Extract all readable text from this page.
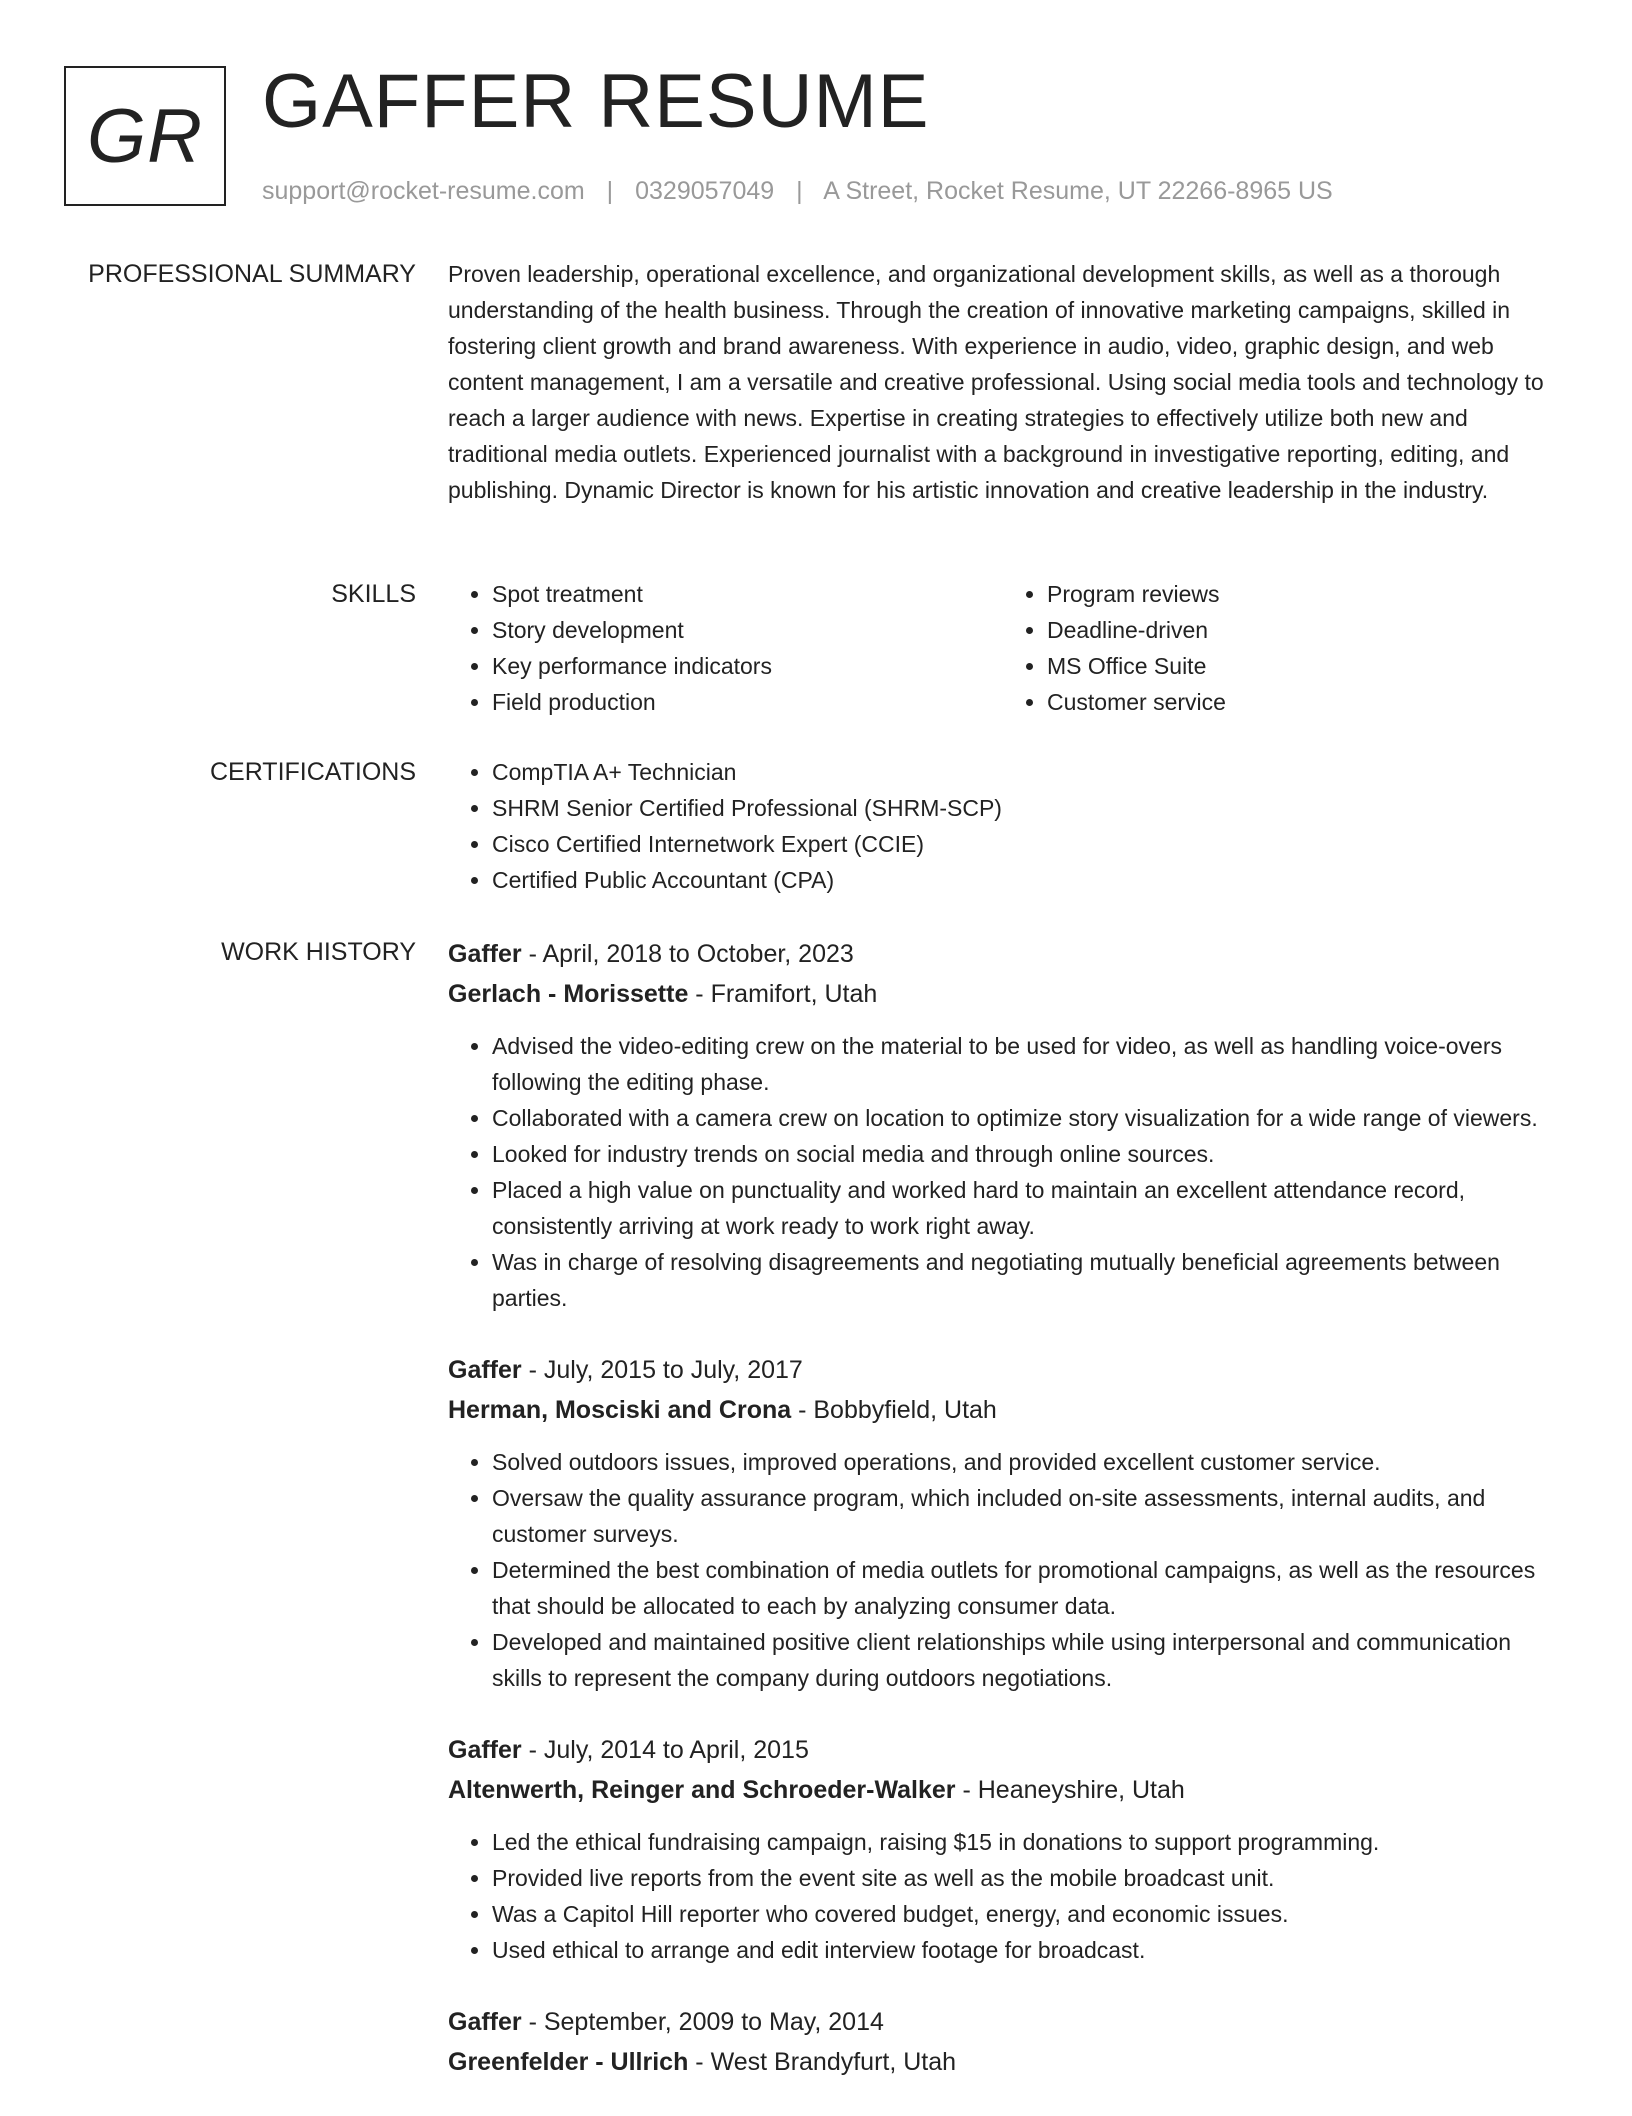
GR GAFFER RESUME
support@rocket-resume.com | 0329057049 | A Street, Rocket Resume, UT 22266-8965 US
PROFESSIONAL SUMMARY Proven leadership, operational excellence, and organizational development skills, as well as a thorough understanding of the health business. Through the creation of innovative marketing campaigns, skilled in fostering client growth and brand awareness. With experience in audio, video, graphic design, and web content management, I am a versatile and creative professional. Using social media tools and technology to reach a larger audience with news. Expertise in creating strategies to effectively utilize both new and traditional media outlets. Experienced journalist with a background in investigative reporting, editing, and publishing. Dynamic Director is known for his artistic innovation and creative leadership in the industry.

SKILLS	• Spot treatment
• Story development
• Key performance indicators
• Field production
• Program reviews
• Deadline-driven
• MS Office Suite
• Customer service
CERTIFICATIONS	• CompTIA A+ Technician
• SHRM Senior Certified Professional (SHRM-SCP)
• Cisco Certified Internetwork Expert (CCIE)
• Certified Public Accountant (CPA)
WORK HISTORY Gaffer - April, 2018 to October, 2023
Gerlach - Morissette - Framifort, Utah
• Advised the video-editing crew on the material to be used for video, as well as handling voice-overs following the editing phase.
• Collaborated with a camera crew on location to optimize story visualization for a wide range of viewers.
• Looked for industry trends on social media and through online sources.
• Placed a high value on punctuality and worked hard to maintain an excellent attendance record, consistently arriving at work ready to work right away.
• Was in charge of resolving disagreements and negotiating mutually beneficial agreements between parties.
Gaffer - July, 2015 to July, 2017
Herman, Mosciski and Crona - Bobbyfield, Utah
• Solved outdoors issues, improved operations, and provided excellent customer service.
• Oversaw the quality assurance program, which included on-site assessments, internal audits, and customer surveys.
• Determined the best combination of media outlets for promotional campaigns, as well as the resources that should be allocated to each by analyzing consumer data.
• Developed and maintained positive client relationships while using interpersonal and communication skills to represent the company during outdoors negotiations.
Gaffer - July, 2014 to April, 2015
Altenwerth, Reinger and Schroeder-Walker - Heaneyshire, Utah
• Led the ethical fundraising campaign, raising $15 in donations to support programming.
• Provided live reports from the event site as well as the mobile broadcast unit.
• Was a Capitol Hill reporter who covered budget, energy, and economic issues.
• Used ethical to arrange and edit interview footage for broadcast.
Gaffer - September, 2009 to May, 2014
Greenfelder - Ullrich - West Brandyfurt, Utah
